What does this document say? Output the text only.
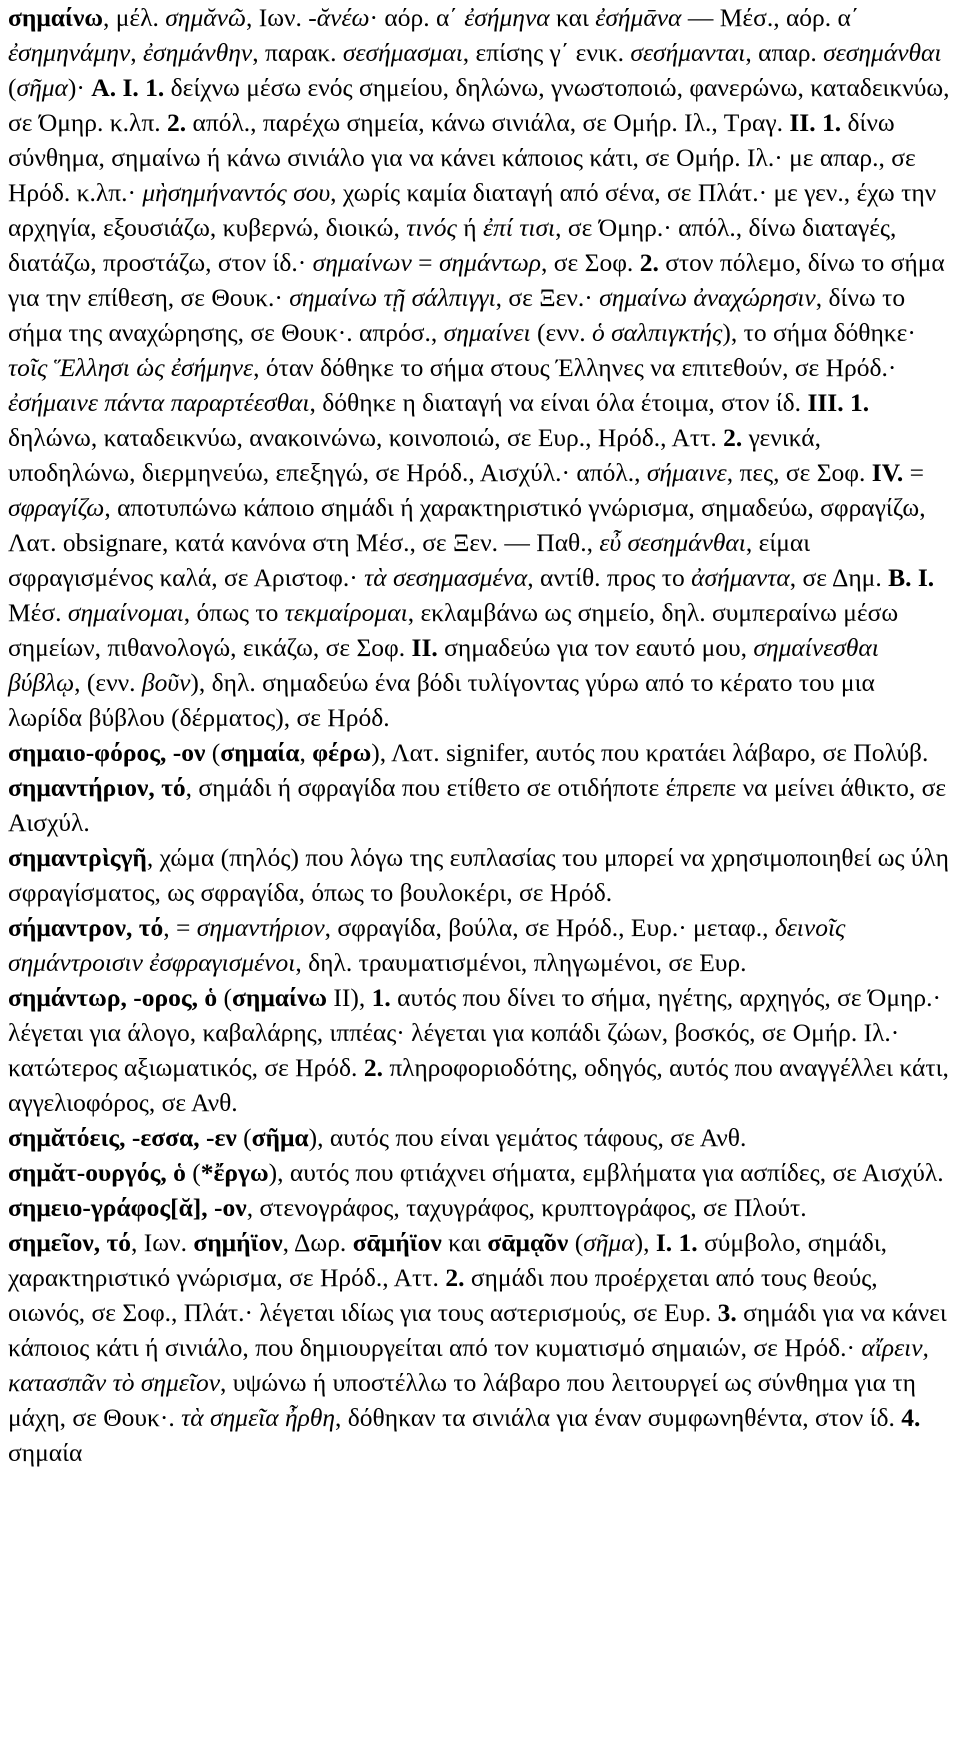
σημαίνω, μέλ. σημᾰνῶ, Ιων. -ᾰνέω· αόρ. α΄ ἐσήμηνα και ἐσήμᾱνα — Μέσ., αόρ. α΄ ἐσημηνάμην, ἐσημάνθην, παρακ. σεσήμασμαι, επίσης γ΄ ενικ. σεσήμανται, απαρ. σεσημάνθαι (σῆμα)· A. I. 1. δείχνω μέσω ενός σημείου, δηλώνω, γνωστοποιώ, φανερώνω, καταδεικνύω, σε Όμηρ. κ.λπ. 2. απόλ., παρέχω σημεία, κάνω σινιάλα, σε Ομήρ. Ιλ., Τραγ. II. 1. δίνω σύνθημα, σημαίνω ή κάνω σινιάλο για να κάνει κάποιος κάτι, σε Ομήρ. Ιλ.· με απαρ., σε Ηρόδ. κ.λπ.· μὴσημήναντός σου, χωρίς καμία διαταγή από σένα, σε Πλάτ.· με γεν., έχω την αρχηγία, εξουσιάζω, κυβερνώ, διοικώ, τινός ή ἐπί τισι, σε Όμηρ.· απόλ., δίνω διαταγές, διατάζω, προστάζω, στον ίδ.· σημαίνων = σημάντωρ, σε Σοφ. 2. στον πόλεμο, δίνω το σήμα για την επίθεση, σε Θουκ.· σημαίνω τῇ σάλπιγγι, σε Ξεν.· σημαίνω ἀναχώρησιν, δίνω το σήμα της αναχώρησης, σε Θουκ·. απρόσ., σημαίνει (ενν. ὁ σαλπιγκτής), το σήμα δόθηκε· τοῖς Ἕλλησι ὡς ἐσήμηνε, όταν δόθηκε το σήμα στους Έλληνες να επιτεθούν, σε Ηρόδ.· ἐσήμαινε πάντα παραρτέεσθαι, δόθηκε η διαταγή να είναι όλα έτοιμα, στον ίδ. III. 1. δηλώνω, καταδεικνύω, ανακοινώνω, κοινοποιώ, σε Ευρ., Ηρόδ., Αττ. 2. γενικά, υποδηλώνω, διερμηνεύω, επεξηγώ, σε Ηρόδ., Αισχύλ.· απόλ., σήμαινε, πες, σε Σοφ. IV. = σφραγίζω, αποτυπώνω κάποιο σημάδι ή χαρακτηριστικό γνώρισμα, σημαδεύω, σφραγίζω, Λατ. obsignare, κατά κανόνα στη Μέσ., σε Ξεν. — Παθ., εὖ σεσημάνθαι, είμαι σφραγισμένος καλά, σε Αριστοφ.· τὰ σεσημασμένα, αντίθ. προς το ἀσήμαντα, σε Δημ. B. I. Μέσ. σημαίνομαι, όπως το τεκμαίρομαι, εκλαμβάνω ως σημείο, δηλ. συμπεραίνω μέσω σημείων, πιθανολογώ, εικάζω, σε Σοφ. II. σημαδεύω για τον εαυτό μου, σημαίνεσθαι βύβλῳ, (ενν. βοῦν), δηλ. σημαδεύω ένα βόδι τυλίγοντας γύρω από το κέρατο του μια λωρίδα βύβλου (δέρματος), σε Ηρόδ.

σημαιο-φόρος, -ον (σημαία, φέρω), Λατ. signifer, αυτός που κρατάει λάβαρο, σε Πολύβ.

σημαντήριον, τό, σημάδι ή σφραγίδα που ετίθετο σε οτιδήποτε έπρεπε να μείνει άθικτο, σε Αισχύλ.

σημαντρὶςγῆ, χώμα (πηλός) που λόγω της ευπλασίας του μπορεί να χρησιμοποιηθεί ως ύλη σφραγίσματος, ως σφραγίδα, όπως το βουλοκέρι, σε Ηρόδ.

σήμαντρον, τό, = σημαντήριον, σφραγίδα, βούλα, σε Ηρόδ., Ευρ.· μεταφ., δεινοῖς σημάντροισιν ἐσφραγισμένοι, δηλ. τραυματισμένοι, πληγωμένοι, σε Ευρ.

σημάντωρ, -ορος, ὁ (σημαίνω II), 1. αυτός που δίνει το σήμα, ηγέτης, αρχηγός, σε Όμηρ.· λέγεται για άλογο, καβαλάρης, ιππέας· λέγεται για κοπάδι ζώων, βοσκός, σε Ομήρ. Ιλ.· κατώτερος αξιωματικός, σε Ηρόδ. 2. πληροφοριοδότης, οδηγός, αυτός που αναγγέλλει κάτι, αγγελιοφόρος, σε Ανθ.

σημᾰτόεις, -εσσα, -εν (σῆμα), αυτός που είναι γεμάτος τάφους, σε Ανθ.

σημᾰτ-ουργός, ὁ (*ἔργω), αυτός που φτιάχνει σήματα, εμβλήματα για ασπίδες, σε Αισχύλ.

σημειο-γράφος[ᾰ], -ον, στενογράφος, ταχυγράφος, κρυπτογράφος, σε Πλούτ.

σημεῖον, τό, Ιων. σημήϊον, Δωρ. σᾱμήϊον και σᾱμᾳ̃ον (σῆμα), I. 1. σύμβολο, σημάδι, χαρακτηριστικό γνώρισμα, σε Ηρόδ., Αττ. 2. σημάδι που προέρχεται από τους θεούς, οιωνός, σε Σοφ., Πλάτ.· λέγεται ιδίως για τους αστερισμούς, σε Ευρ. 3. σημάδι για να κάνει κάποιος κάτι ή σινιάλο, που δημιουργείται από τον κυματισμό σημαιών, σε Ηρόδ.· αἴρειν, κατασπᾶν τὸ σημεῖον, υψώνω ή υποστέλλω το λάβαρο που λειτουργεί ως σύνθημα για τη μάχη, σε Θουκ·. τὰ σημεῖα ἦρθη, δόθηκαν τα σινιάλα για έναν συμφωνηθέντα, στον ίδ. 4. σημαία
